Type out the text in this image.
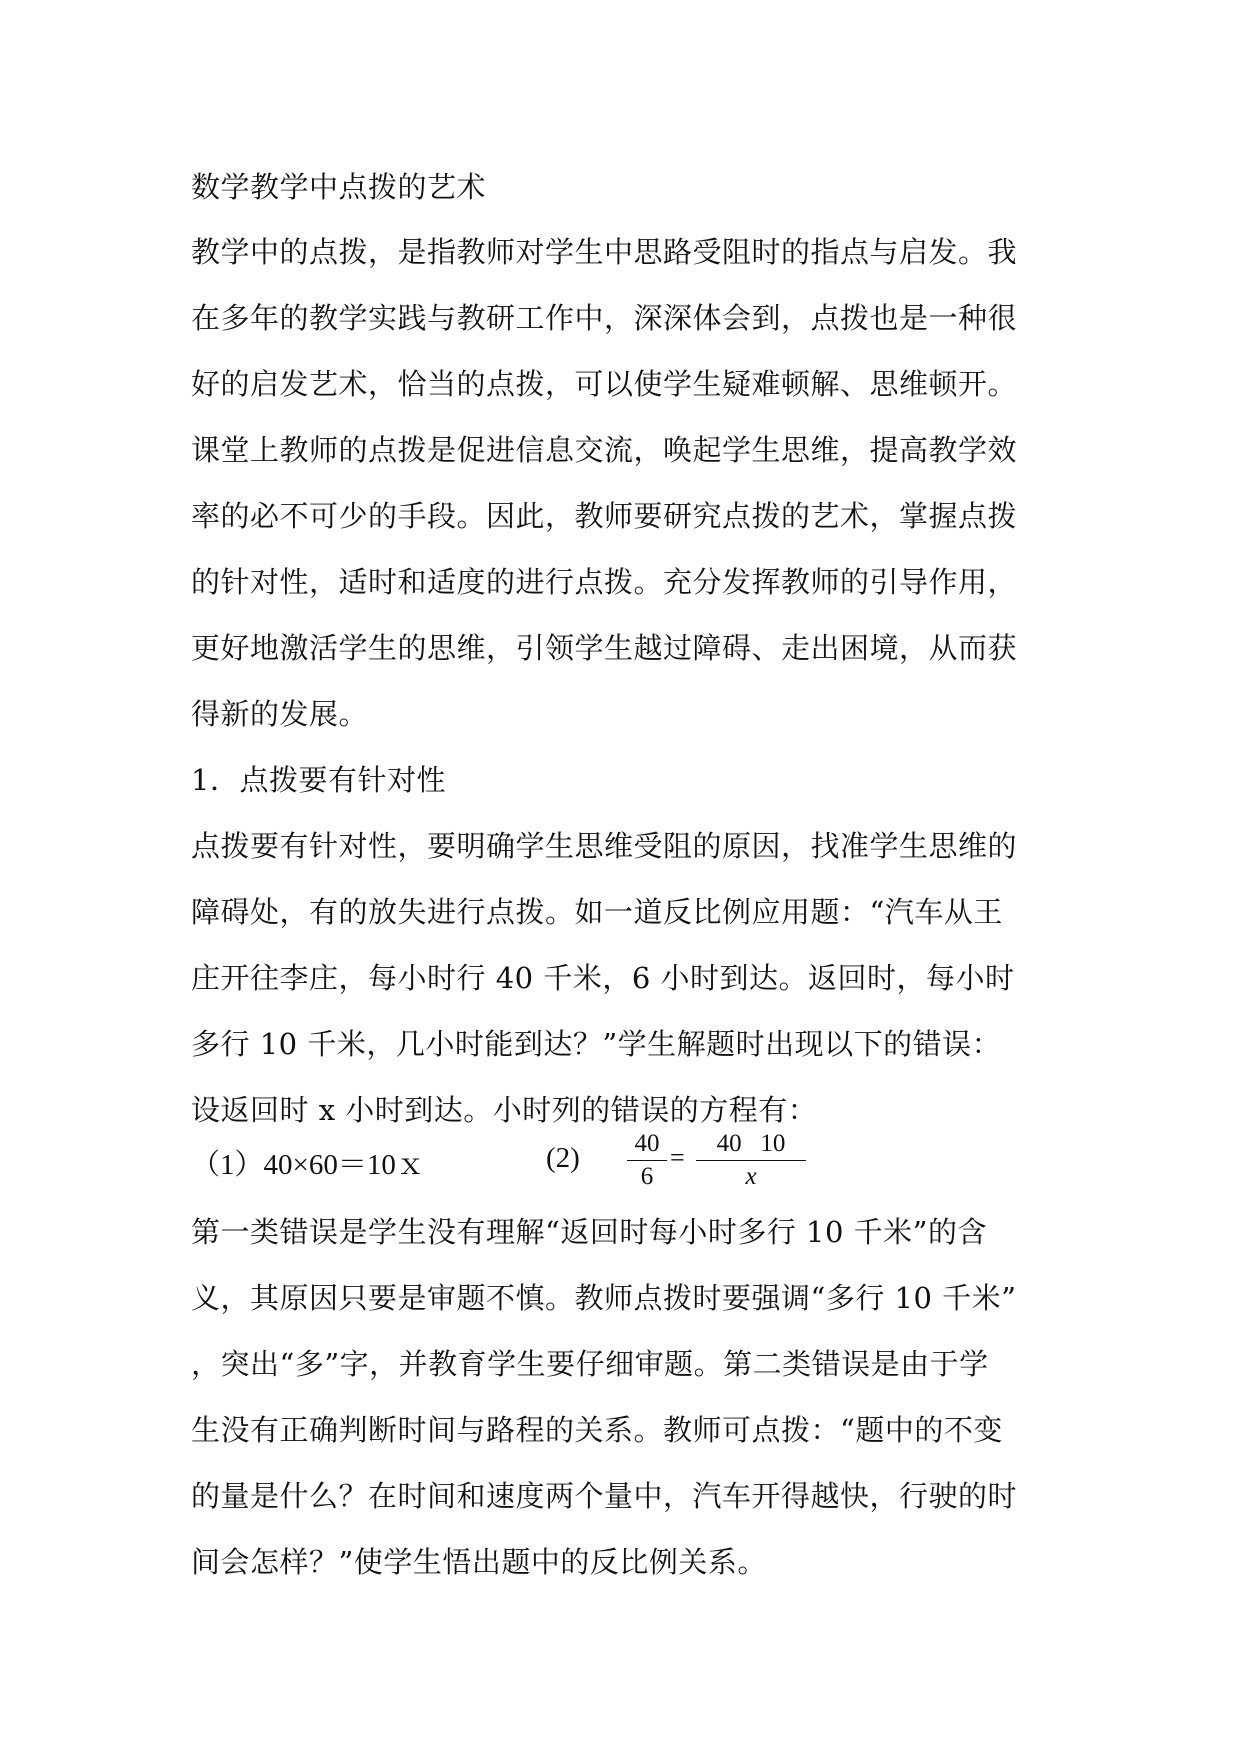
数学教学中点拨的艺术
教学中的点拨，是指教师对学生中思路受阻时的指点与启发。我
在多年的教学实践与教研工作中，深深体会到，点拨也是一种很
好的启发艺术，恰当的点拨，可以使学生疑难顿解、思维顿开。
课堂上教师的点拨是促进信息交流，唤起学生思维，提高教学效
率的必不可少的手段。因此，教师要研究点拨的艺术，掌握点拨
的针对性，适时和适度的进行点拨。充分发挥教师的引导作用，
更好地激活学生的思维，引领学生越过障碍、走出困境，从而获
得新的发展。
1．点拨要有针对性
点拨要有针对性，要明确学生思维受阻的原因，找准学生思维的
障碍处，有的放失进行点拨。如一道反比例应用题：“汽车从王
庄开往李庄，每小时行 40 千米，6 小时到达。返回时，每小时
多行 10 千米，几小时能到达？”学生解题时出现以下的错误：
设返回时 x 小时到达。小时列的错误的方程有：
（1）40×60＝10ｘ	(2)	40
6
=	40   10
x
第一类错误是学生没有理解“返回时每小时多行 10 千米”的含
义，其原因只要是审题不慎。教师点拨时要强调“多行 10 千米”
，突出“多”字，并教育学生要仔细审题。第二类错误是由于学
生没有正确判断时间与路程的关系。教师可点拨：“题中的不变
的量是什么？在时间和速度两个量中，汽车开得越快，行驶的时
间会怎样？”使学生悟出题中的反比例关系。
